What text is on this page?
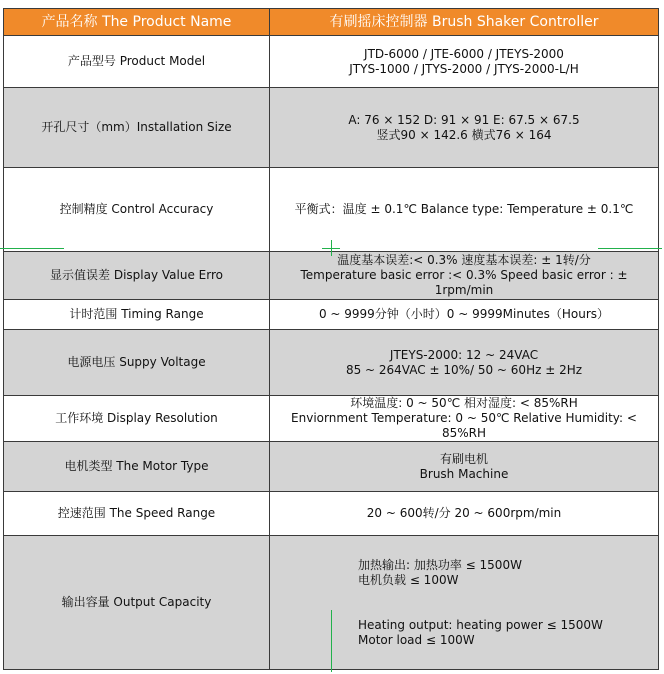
产品名称 The Product Name	有刷摇床控制器 Brush Shaker Controller
产品型号 Product Model	JTD-6000 / JTE-6000 / JTEYS-2000
JTYS-1000 / JTYS-2000 / JTYS-2000-L/H
开孔尺寸（mm）Installation Size	A: 76 × 152 D: 91 × 91 E: 67.5 × 67.5
竖式90 × 142.6 横式76 × 164
控制精度 Control Accuracy	平衡式：温度 ± 0.1℃ Balance type: Temperature ± 0.1℃
显示值误差 Display Value Erro	温度基本误差:< 0.3% 速度基本误差: ± 1转/分
Temperature basic error :< 0.3% Speed basic error : ± 1rpm/min
计时范围 Timing Range	0 ~ 9999分钟（小时）0 ~ 9999Minutes（Hours）
电源电压 Suppy Voltage	JTEYS-2000: 12 ~ 24VAC
85 ~ 264VAC ± 10%/ 50 ~ 60Hz ± 2Hz
工作环境 Display Resolution	环境温度: 0 ~ 50℃ 相对湿度: < 85%RH
Enviornment Temperature: 0 ~ 50℃ Relative Humidity: < 85%RH
电机类型 The Motor Type	有刷电机
Brush Machine
控速范围 The Speed Range	20 ~ 600转/分 20 ~ 600rpm/min
输出容量 Output Capacity	加热输出: 加热功率 ≤ 1500W
电机负载 ≤ 100W

Heating output: heating power ≤ 1500W
Motor load ≤ 100W
